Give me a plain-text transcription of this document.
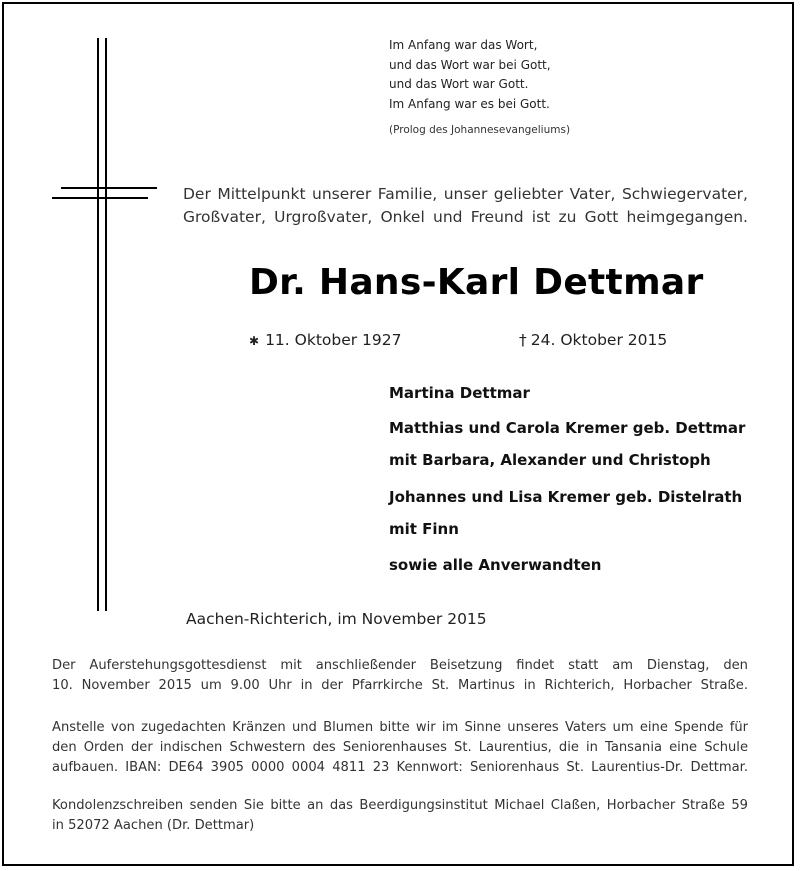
Im Anfang war das Wort,
und das Wort war bei Gott,
und das Wort war Gott.
Im Anfang war es bei Gott.
(Prolog des Johannesevangeliums)
Der Mittelpunkt unserer Familie, unser geliebter Vater, Schwiegervater,
Großvater, Urgroßvater, Onkel und Freund ist zu Gott heimgegangen.
Dr. Hans-Karl Dettmar
✱ 11. Oktober 1927	† 24. Oktober 2015
Martina Dettmar
Matthias und Carola Kremer geb. Dettmar
mit Barbara, Alexander und Christoph
Johannes und Lisa Kremer geb. Distelrath
mit Finn
sowie alle Anverwandten
Aachen-Richterich, im November 2015
Der Auferstehungsgottesdienst mit anschließender Beisetzung findet statt am Dienstag, den
10. November 2015 um 9.00 Uhr in der Pfarrkirche St. Martinus in Richterich, Horbacher Straße.
Anstelle von zugedachten Kränzen und Blumen bitte wir im Sinne unseres Vaters um eine Spende für
den Orden der indischen Schwestern des Seniorenhauses St. Laurentius, die in Tansania eine Schule
aufbauen. IBAN: DE64 3905 0000 0004 4811 23 Kennwort: Seniorenhaus St. Laurentius-Dr. Dettmar.
Kondolenzschreiben senden Sie bitte an das Beerdigungsinstitut Michael Claßen, Horbacher Straße 59
in 52072 Aachen (Dr. Dettmar)
